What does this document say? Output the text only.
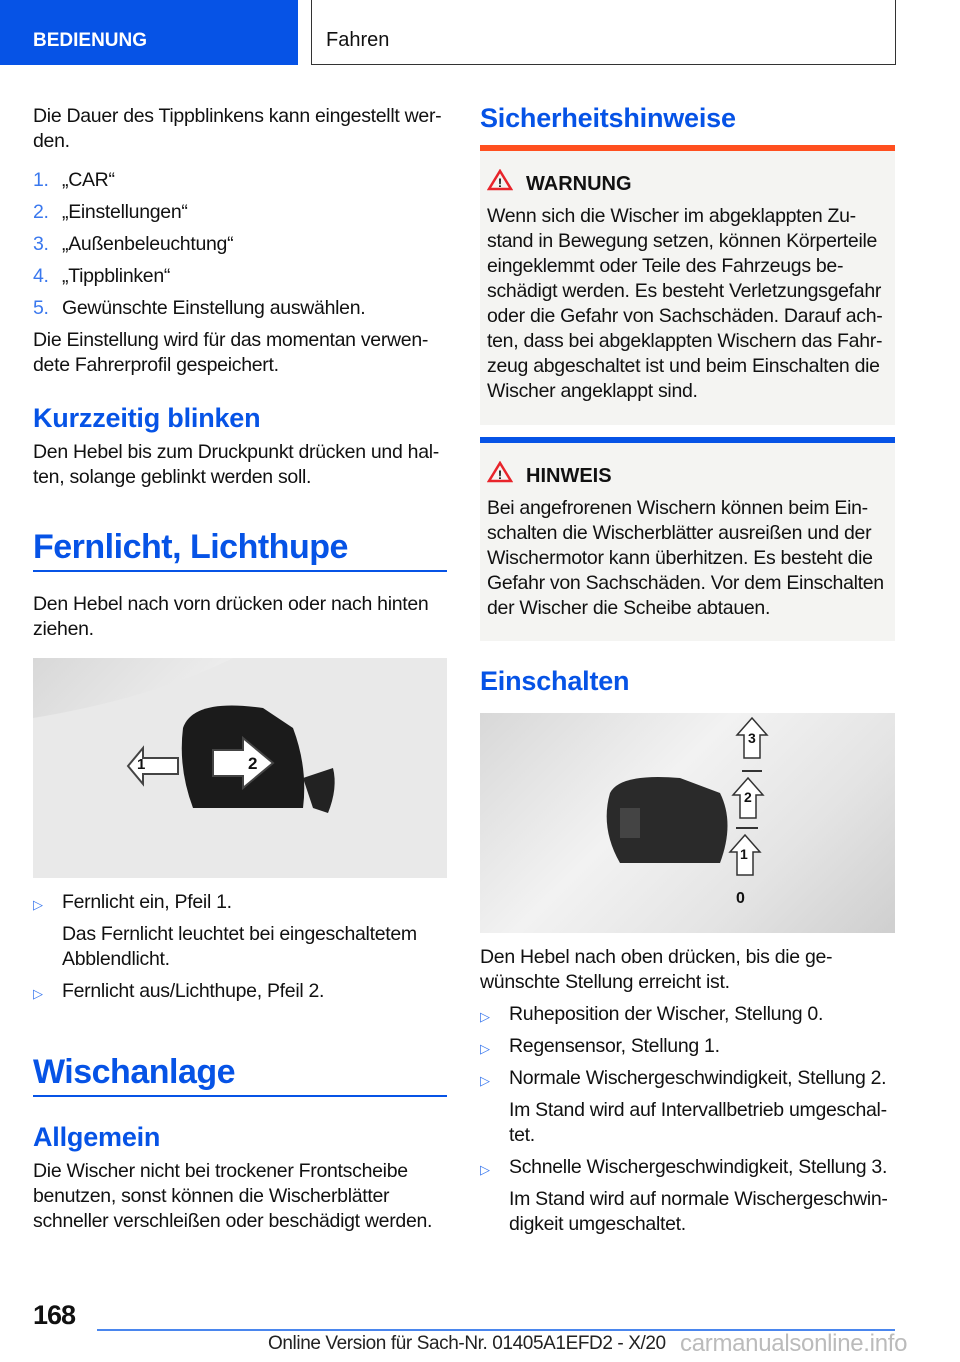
BEDIENUNG	Fahren
Die Dauer des Tippblinkens kann eingestellt wer-den.
1. „CAR“
2. „Einstellungen“
3. „Außenbeleuchtung“
4. „Tippblinken“
5. Gewünschte Einstellung auswählen.
Die Einstellung wird für das momentan verwen-dete Fahrerprofil gespeichert.
Kurzzeitig blinken
Den Hebel bis zum Druckpunkt drücken und hal-ten, solange geblinkt werden soll.
Fernlicht, Lichthupe
Den Hebel nach vorn drücken oder nach hinten ziehen.
1	2
▷ Fernlicht ein, Pfeil 1.
Das Fernlicht leuchtet bei eingeschaltetem Abblendlicht.
▷ Fernlicht aus/Lichthupe, Pfeil 2.
Wischanlage
Allgemein
Die Wischer nicht bei trockener Frontscheibe benutzen, sonst können die Wischerblätter schneller verschleißen oder beschädigt werden.
Sicherheitshinweise
! WARNUNG
Wenn sich die Wischer im abgeklappten Zu-stand in Bewegung setzen, können Körperteile eingeklemmt oder Teile des Fahrzeugs be-schädigt werden. Es besteht Verletzungsgefahr oder die Gefahr von Sachschäden. Darauf ach-ten, dass bei abgeklappten Wischern das Fahr-zeug abgeschaltet ist und beim Einschalten die Wischer angeklappt sind.
! HINWEIS
Bei angefrorenen Wischern können beim Ein-schalten die Wischerblätter ausreißen und der Wischermotor kann überhitzen. Es besteht die Gefahr von Sachschäden. Vor dem Einschalten der Wischer die Scheibe abtauen.
Einschalten
3
2
1
0
Den Hebel nach oben drücken, bis die ge-wünschte Stellung erreicht ist.
▷ Ruheposition der Wischer, Stellung 0.
▷ Regensensor, Stellung 1.
▷ Normale Wischergeschwindigkeit, Stellung 2.
Im Stand wird auf Intervallbetrieb umgeschal-tet.
▷ Schnelle Wischergeschwindigkeit, Stellung 3.
Im Stand wird auf normale Wischergeschwin-digkeit umgeschaltet.
168
Online Version für Sach-Nr. 01405A1EFD2 - X/20 carmanualsonline.info
